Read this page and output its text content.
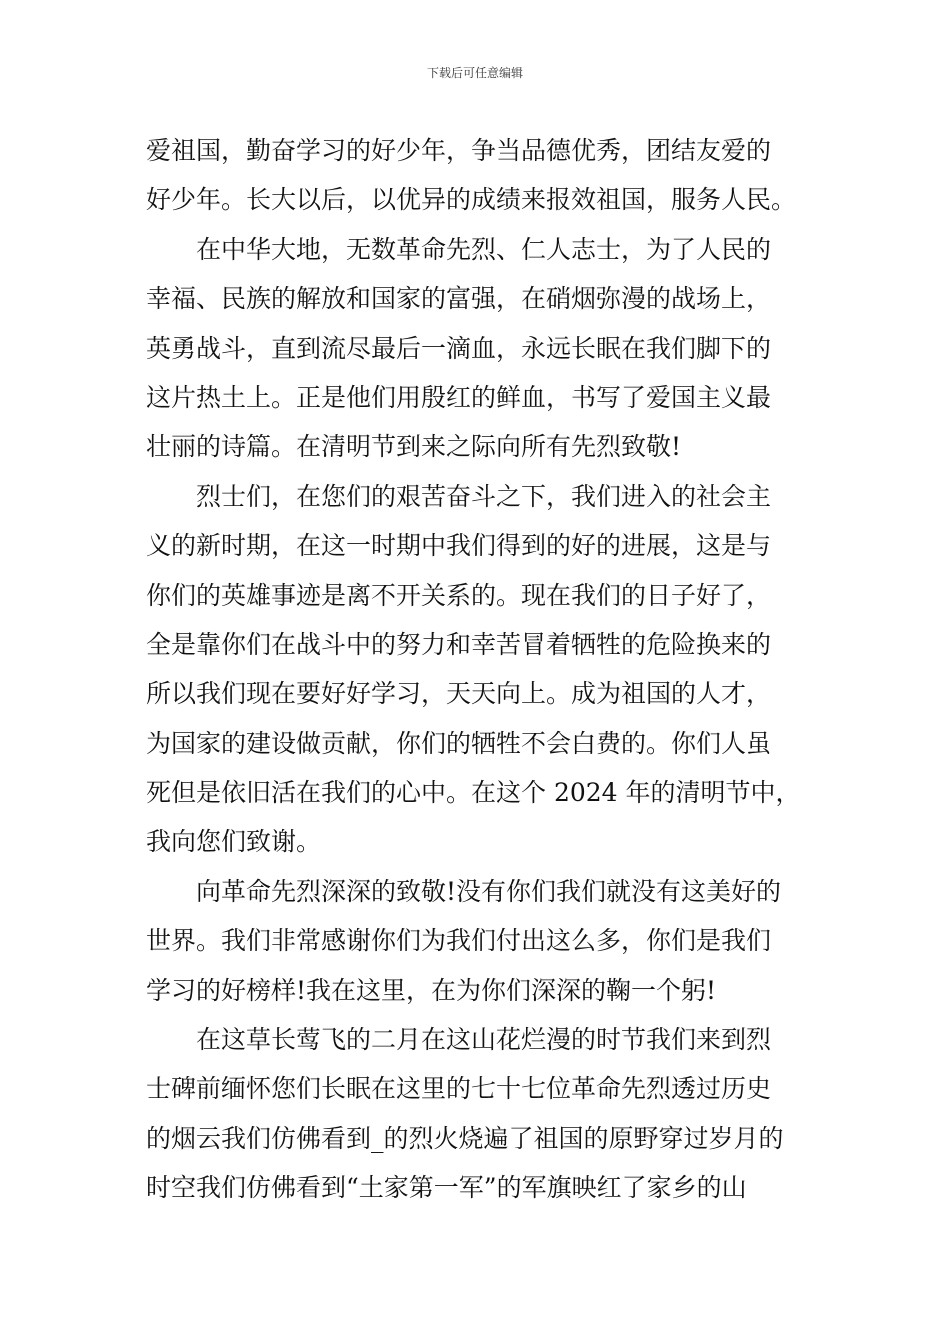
下载后可任意编辑
爱祖国，勤奋学习的好少年，争当品德优秀，团结友爱的
好少年。长大以后，以优异的成绩来报效祖国，服务人民。
　　在中华大地，无数革命先烈、仁人志士，为了人民的
幸福、民族的解放和国家的富强，在硝烟弥漫的战场上，
英勇战斗，直到流尽最后一滴血，永远长眠在我们脚下的
这片热土上。正是他们用殷红的鲜血，书写了爱国主义最
壮丽的诗篇。在清明节到来之际向所有先烈致敬!
　　烈士们，在您们的艰苦奋斗之下，我们进入的社会主
义的新时期，在这一时期中我们得到的好的进展，这是与
你们的英雄事迹是离不开关系的。现在我们的日子好了，
全是靠你们在战斗中的努力和幸苦冒着牺牲的危险换来的
所以我们现在要好好学习，天天向上。成为祖国的人才，
为国家的建设做贡献，你们的牺牲不会白费的。你们人虽
死但是依旧活在我们的心中。在这个 2024 年的清明节中，
我向您们致谢。
　　向革命先烈深深的致敬!没有你们我们就没有这美好的
世界。我们非常感谢你们为我们付出这么多，你们是我们
学习的好榜样!我在这里，在为你们深深的鞠一个躬!
　　在这草长莺飞的二月在这山花烂漫的时节我们来到烈
士碑前缅怀您们长眠在这里的七十七位革命先烈透过历史
的烟云我们仿佛看到_的烈火烧遍了祖国的原野穿过岁月的
时空我们仿佛看到“土家第一军”的军旗映红了家乡的山
